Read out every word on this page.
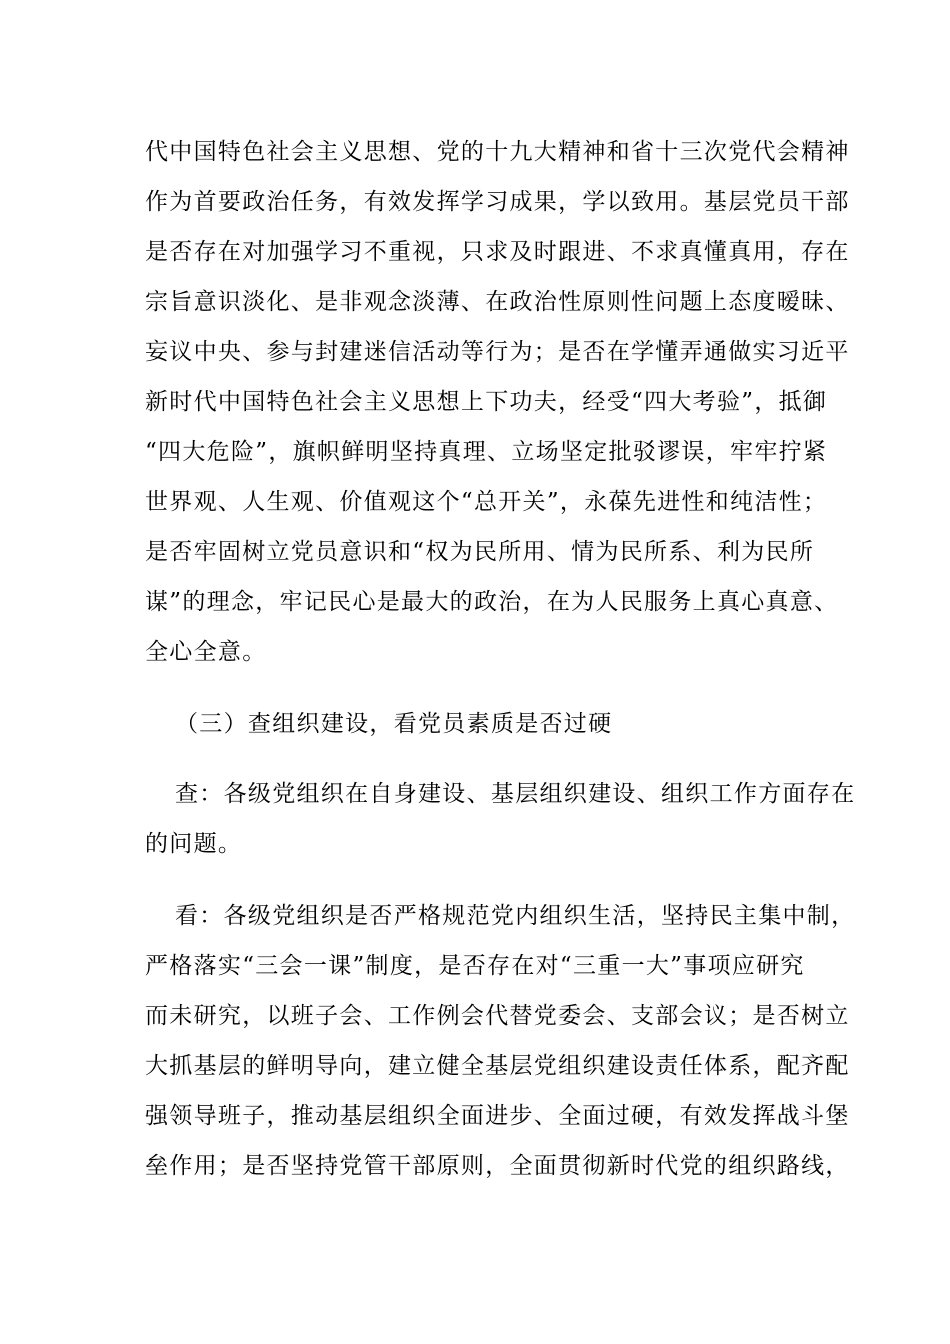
代中国特色社会主义思想、党的十九大精神和省十三次党代会精神
作为首要政治任务，有效发挥学习成果，学以致用。基层党员干部
是否存在对加强学习不重视，只求及时跟进、不求真懂真用，存在
宗旨意识淡化、是非观念淡薄、在政治性原则性问题上态度暧昧、
妄议中央、参与封建迷信活动等行为；是否在学懂弄通做实习近平
新时代中国特色社会主义思想上下功夫，经受“四大考验”，抵御
“四大危险”，旗帜鲜明坚持真理、立场坚定批驳谬误，牢牢拧紧
世界观、人生观、价值观这个“总开关”，永葆先进性和纯洁性；
是否牢固树立党员意识和“权为民所用、情为民所系、利为民所
谋”的理念，牢记民心是最大的政治，在为人民服务上真心真意、
全心全意。
（三）查组织建设，看党员素质是否过硬
查：各级党组织在自身建设、基层组织建设、组织工作方面存在
的问题。
看：各级党组织是否严格规范党内组织生活，坚持民主集中制，
严格落实“三会一课”制度，是否存在对“三重一大”事项应研究
而未研究，以班子会、工作例会代替党委会、支部会议；是否树立
大抓基层的鲜明导向，建立健全基层党组织建设责任体系，配齐配
强领导班子，推动基层组织全面进步、全面过硬，有效发挥战斗堡
垒作用；是否坚持党管干部原则，全面贯彻新时代党的组织路线，
